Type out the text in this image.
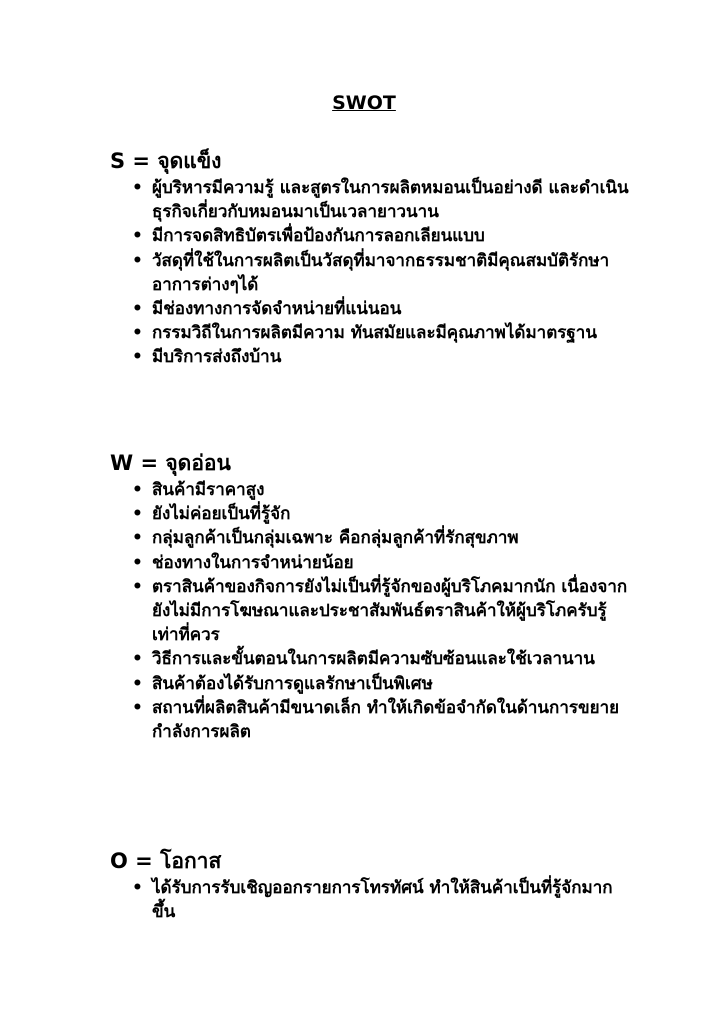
SWOT
S = จุดแข็ง
• ผู้บริหารมีความรู้ และสูตรในการผลิตหมอนเป็นอย่างดี และดำเนินธุรกิจเกี่ยวกับหมอนมาเป็นเวลายาวนาน
• มีการจดสิทธิบัตรเพื่อป้องกันการลอกเลียนแบบ
• วัสดุที่ใช้ในการผลิตเป็นวัสดุที่มาจากธรรมชาติมีคุณสมบัติรักษาอาการต่างๆได้
• มีช่องทางการจัดจำหน่ายที่แน่นอน
• กรรมวิถีในการผลิตมีความ ทันสมัยและมีคุณภาพได้มาตรฐาน
• มีบริการส่งถึงบ้าน
W = จุดอ่อน
• สินค้ามีราคาสูง
• ยังไม่ค่อยเป็นที่รู้จัก
• กลุ่มลูกค้าเป็นกลุ่มเฉพาะ คือกลุ่มลูกค้าที่รักสุขภาพ
• ช่องทางในการจำหน่ายน้อย
• ตราสินค้าของกิจการยังไม่เป็นที่รู้จักของผู้บริโภคมากนัก เนื่องจากยังไม่มีการโฆษณาและประชาสัมพันธ์ตราสินค้าให้ผู้บริโภครับรู้เท่าที่ควร
• วิธีการและขั้นตอนในการผลิตมีความซับซ้อนและใช้เวลานาน
• สินค้าต้องได้รับการดูแลรักษาเป็นพิเศษ
• สถานที่ผลิตสินค้ามีขนาดเล็ก ทำให้เกิดข้อจำกัดในด้านการขยายกำลังการผลิต
O = โอกาส
• ได้รับการรับเชิญออกรายการโทรทัศน์ ทำให้สินค้าเป็นที่รู้จักมากขึ้น
